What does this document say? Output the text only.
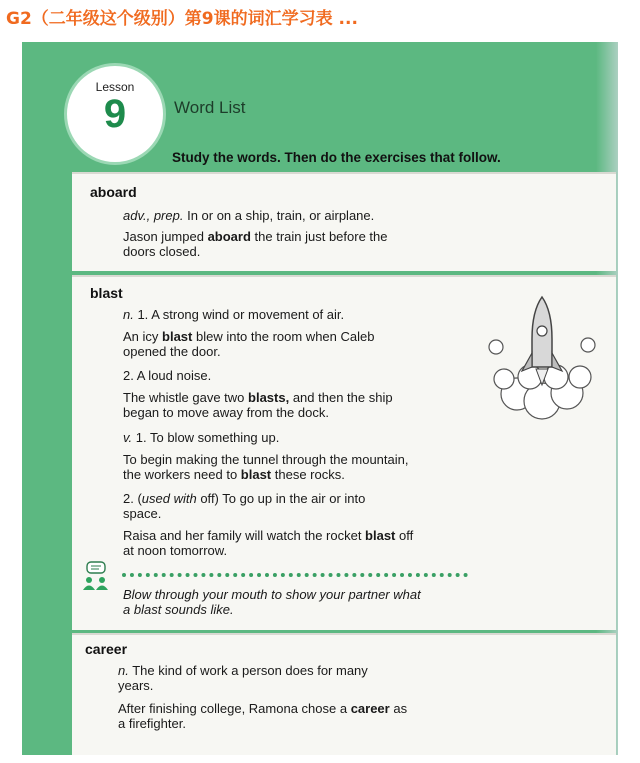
G2（二年级这个级别）第9课的词汇学习表 ...
Lesson
9	Word List
Study the words. Then do the exercises that follow.
aboard
adv., prep. In or on a ship, train, or airplane.
Jason jumped aboard the train just before the
doors closed.
blast
n. 1. A strong wind or movement of air.
An icy blast blew into the room when Caleb
opened the door.
2. A loud noise.
The whistle gave two blasts, and then the ship
began to move away from the dock.
v. 1. To blow something up.
To begin making the tunnel through the mountain,
the workers need to blast these rocks.
2. (used with off) To go up in the air or into
space.
Raisa and her family will watch the rocket blast off
at noon tomorrow.
Blow through your mouth to show your partner what
a blast sounds like.
career
n. The kind of work a person does for many
years.
After finishing college, Ramona chose a career as
a firefighter.
